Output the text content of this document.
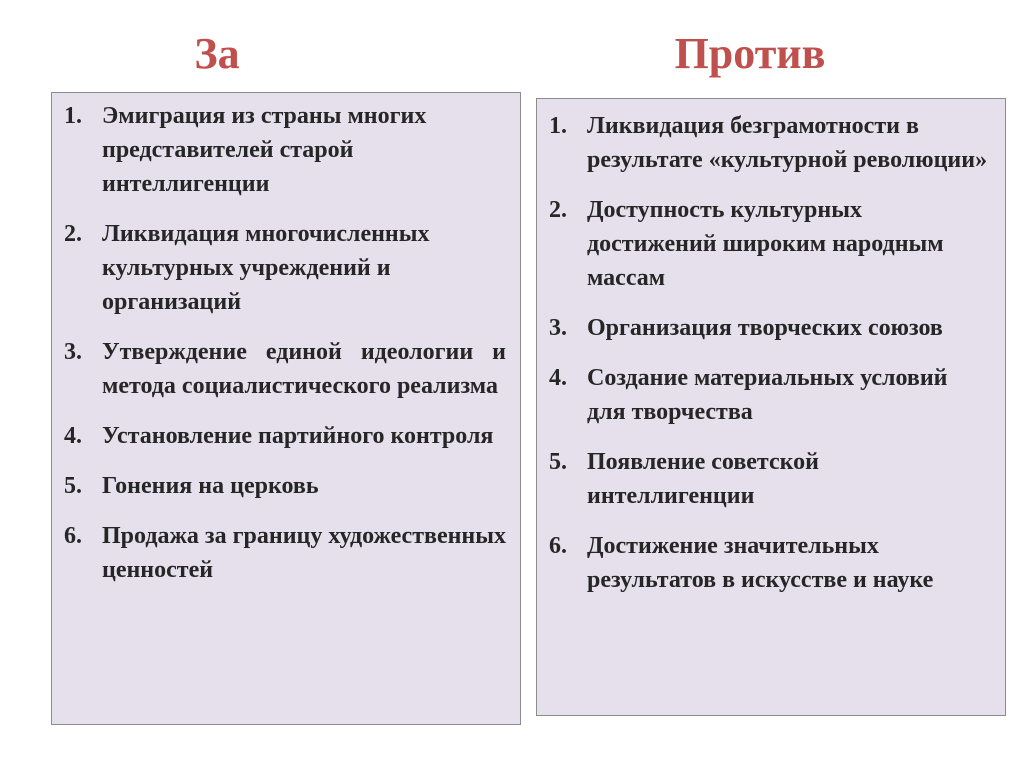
За	Против
1. Эмиграция из страны многих представителей старой интеллигенции
2. Ликвидация многочисленных культурных учреждений и организаций
3. Утверждение единой идеологии и метода социалистического реализма
4. Установление партийного контроля
5. Гонения на церковь
6. Продажа за границу художественных ценностей
1. Ликвидация безграмотности в результате «культурной революции»
2. Доступность культурных достижений широким народным массам
3. Организация творческих союзов
4. Создание материальных условий для творчества
5. Появление советской интеллигенции
6. Достижение значительных результатов в искусстве и науке
